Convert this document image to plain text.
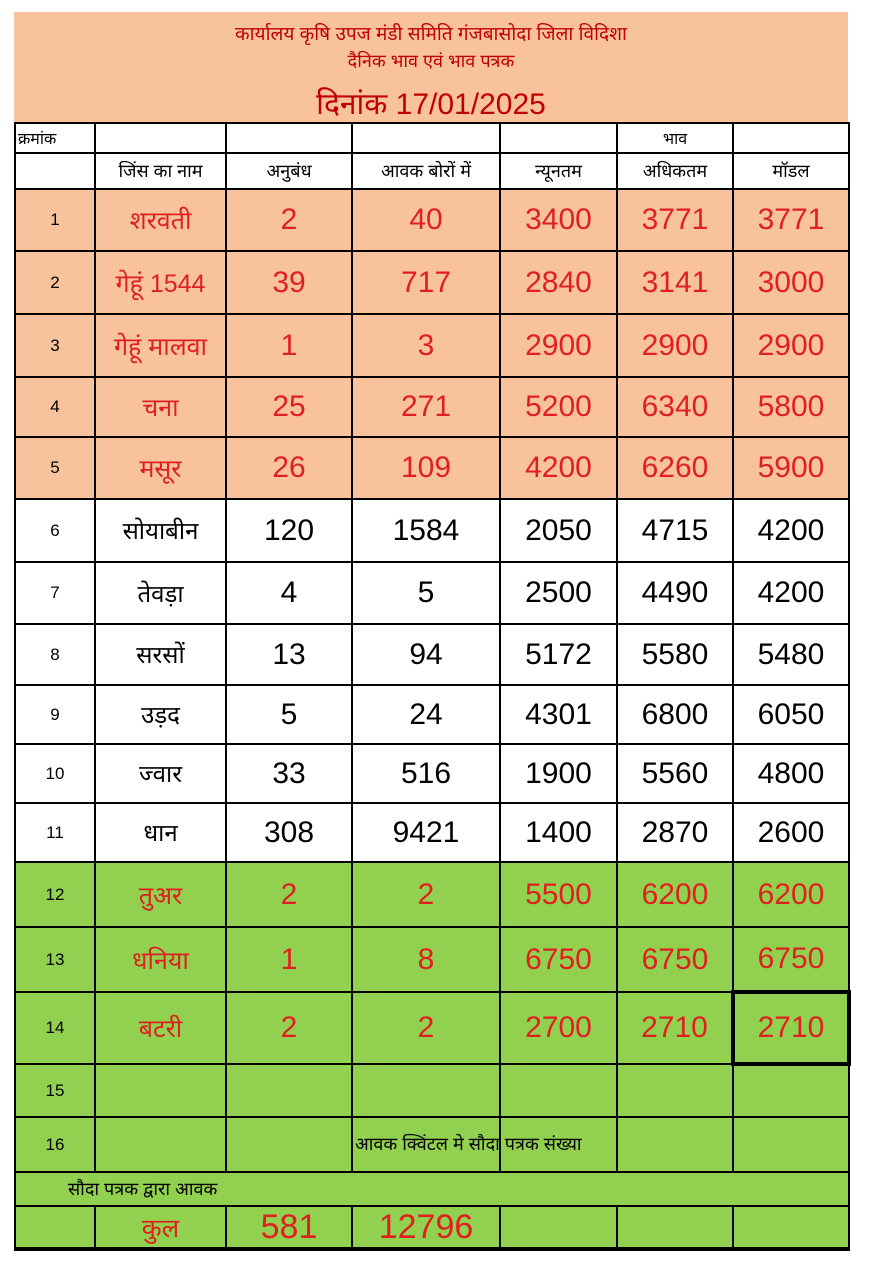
कार्यालय कृषि उपज मंडी समिति गंजबासोदा जिला विदिशा
दैनिक भाव एवं भाव पत्रक
दिनांक 17/01/2025
क्रमांक					भाव	
	जिंस का नाम	अनुबंध	आवक बोरों में	न्यूनतम	अधिकतम	मॉडल
1	शरवती	2	40	3400	3771	3771
2	गेहूं 1544	39	717	2840	3141	3000
3	गेहूं मालवा	1	3	2900	2900	2900
4	चना	25	271	5200	6340	5800
5	मसूर	26	109	4200	6260	5900
6	सोयाबीन	120	1584	2050	4715	4200
7	तेवड़ा	4	5	2500	4490	4200
8	सरसों	13	94	5172	5580	5480
9	उड़द	5	24	4301	6800	6050
10	ज्वार	33	516	1900	5560	4800
11	धान	308	9421	1400	2870	2600
12	तुअर	2	2	5500	6200	6200
13	धनिया	1	8	6750	6750	6750
14	बटरी	2	2	2700	2710	2710
15						
16		आवक क्विंटल मे सौदा पत्रक संख्या				

सौदा पत्रक द्वारा आवक						
	कुल	581	12796			
